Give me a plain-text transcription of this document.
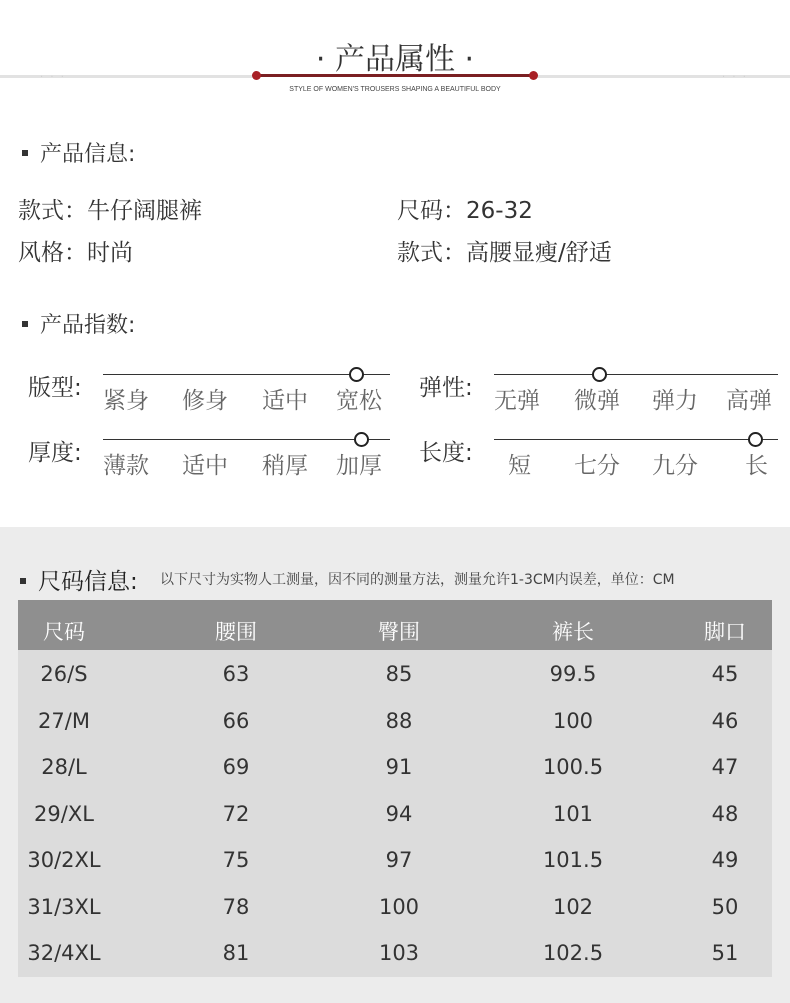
· · ·	· · ·
· 产品属性 ·
STYLE OF WOMEN'S TROUSERS SHAPING A BEAUTIFUL BODY
产品信息:
款式：牛仔阔腿裤	尺码：26-32
风格：时尚	款式：高腰显瘦/舒适
产品指数:
版型: 紧身 修身 适中 宽松 弹性: 无弹 微弹 弹力 高弹
厚度: 薄款 适中 稍厚 加厚 长度: 短 七分 九分 长
尺码信息: 以下尺寸为实物人工测量，因不同的测量方法，测量允许1-3CM内误差，单位：CM
尺码	腰围	臀围	裤长	脚口
26/S	63	85	99.5	45
27/M	66	88	100	46
28/L	69	91	100.5	47
29/XL	72	94	101	48
30/2XL	75	97	101.5	49
31/3XL	78	100	102	50
32/4XL	81	103	102.5	51
